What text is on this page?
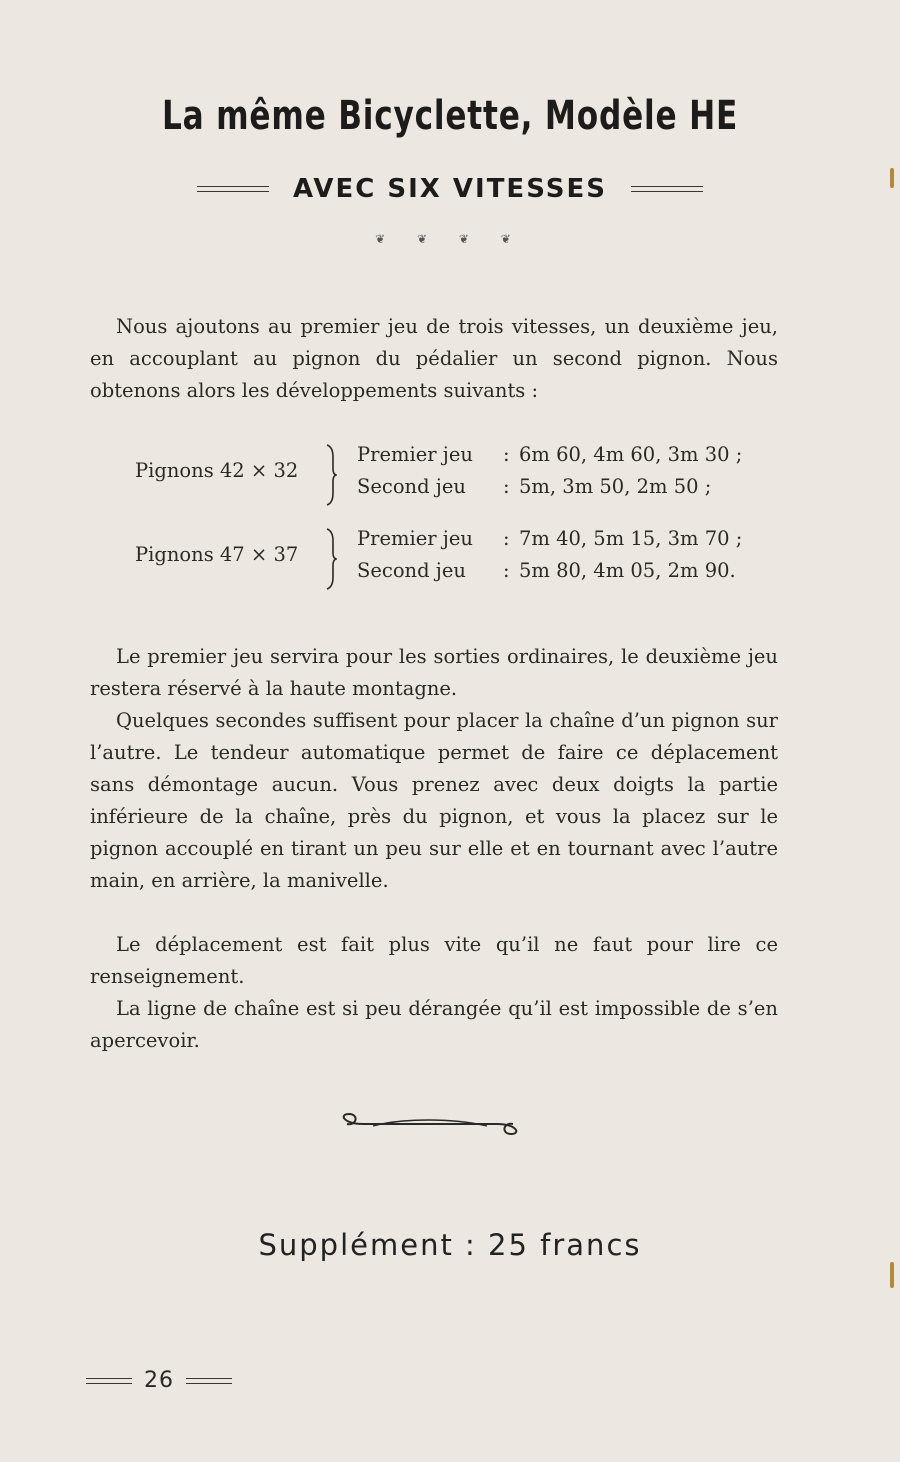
La même Bicyclette, Modèle HE
AVEC SIX VITESSES
❦ ❦ ❦ ❦

Nous ajoutons au premier jeu de trois vitesses, un deuxième jeu, en accouplant au pignon du pédalier un second pignon. Nous obtenons alors les développements suivants :

Pignons 42 × 32
Premier jeu : 6m 60, 4m 60, 3m 30 ;
Second jeu : 5m, 3m 50, 2m 50 ;
Pignons 47 × 37
Premier jeu : 7m 40, 5m 15, 3m 70 ;
Second jeu : 5m 80, 4m 05, 2m 90.

Le premier jeu servira pour les sorties ordinaires, le deuxième jeu restera réservé à la haute montagne.

Quelques secondes suffisent pour placer la chaîne d’un pignon sur l’autre. Le tendeur automatique permet de faire ce déplacement sans démontage aucun. Vous prenez avec deux doigts la partie inférieure de la chaîne, près du pignon, et vous la placez sur le pignon accouplé en tirant un peu sur elle et en tournant avec l’autre main, en arrière, la manivelle.

Le déplacement est fait plus vite qu’il ne faut pour lire ce renseignement.

La ligne de chaîne est si peu dérangée qu’il est impossible de s’en apercevoir.

Supplément : 25 francs
26
